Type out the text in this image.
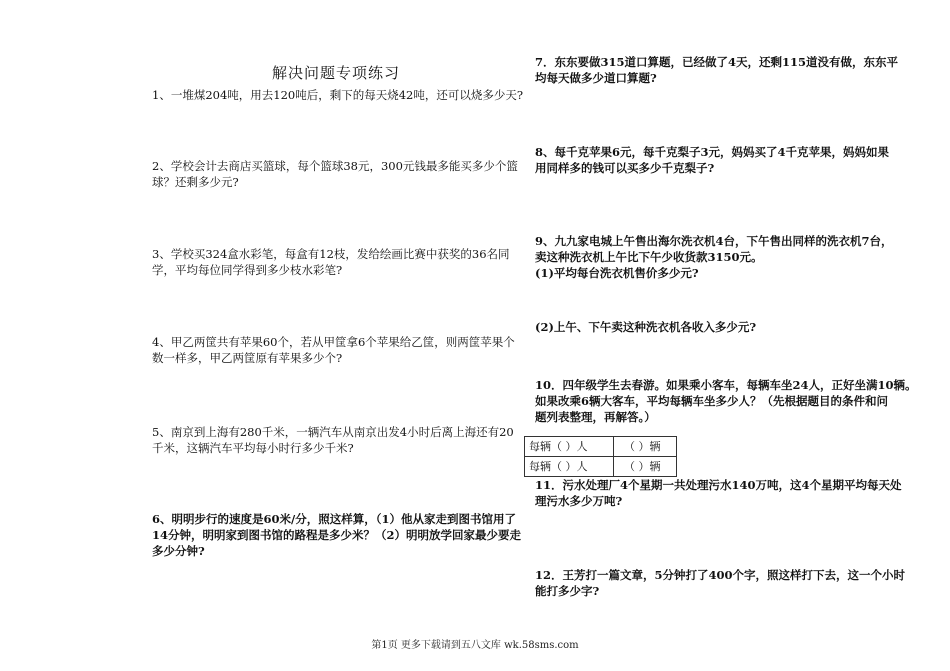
解决问题专项练习
1、一堆煤204吨，用去120吨后，剩下的每天烧42吨，还可以烧多少天?
2、学校会计去商店买篮球，每个篮球38元，300元钱最多能买多少个篮
球？还剩多少元?
3、学校买324盒水彩笔，每盒有12枝，发给绘画比赛中获奖的36名同
学，平均每位同学得到多少枝水彩笔?
4、甲乙两筐共有苹果60个，若从甲筐拿6个苹果给乙筐，则两筐苹果个
数一样多，甲乙两筐原有苹果多少个?
5、南京到上海有280千米，一辆汽车从南京出发4小时后离上海还有20
千米，这辆汽车平均每小时行多少千米?
6、明明步行的速度是60米/分，照这样算，（1）他从家走到图书馆用了
14分钟，明明家到图书馆的路程是多少米？（2）明明放学回家最少要走
多少分钟?
7．东东要做315道口算题，已经做了4天，还剩115道没有做，东东平
均每天做多少道口算题?
8、每千克苹果6元，每千克梨子3元，妈妈买了4千克苹果，妈妈如果
用同样多的钱可以买多少千克梨子?
9、九九家电城上午售出海尔洗衣机4台，下午售出同样的洗衣机7台，
卖这种洗衣机上午比下午少收货款3150元。
(1)平均每台洗衣机售价多少元?
(2)上午、下午卖这种洗衣机各收入多少元?
10．四年级学生去春游。如果乘小客车，每辆车坐24人，正好坐满10辆。
如果改乘6辆大客车，平均每辆车坐多少人？（先根据题目的条件和问
题列表整理，再解答。）
每辆（ ）人	（ ）辆
每辆（ ）人	（ ）辆
11．污水处理厂4个星期一共处理污水140万吨，这4个星期平均每天处
理污水多少万吨?
12．王芳打一篇文章，5分钟打了400个字，照这样打下去，这一个小时
能打多少字?
第1页 更多下载请到五八文库 wk.58sms.com
